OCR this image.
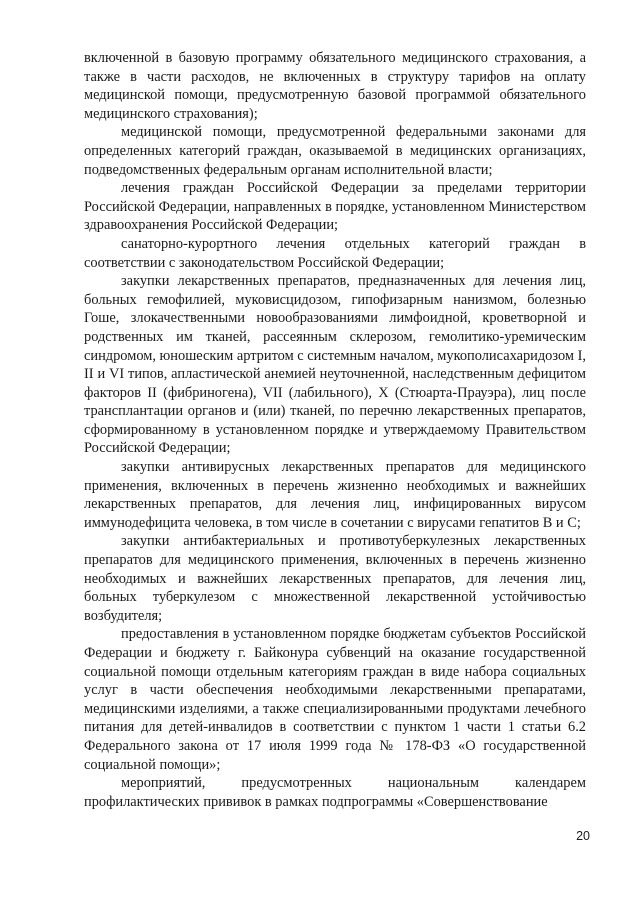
включенной в базовую программу обязательного медицинского страхования, а также в части расходов, не включенных в структуру тарифов на оплату медицинской помощи, предусмотренную базовой программой обязательного медицинского страхования);

медицинской помощи, предусмотренной федеральными законами для определенных категорий граждан, оказываемой в медицинских организациях, подведомственных федеральным органам исполнительной власти;

лечения граждан Российской Федерации за пределами территории Российской Федерации, направленных в порядке, установленном Министерством здравоохранения Российской Федерации;

санаторно-курортного лечения отдельных категорий граждан в соответствии с законодательством Российской Федерации;

закупки лекарственных препаратов, предназначенных для лечения лиц, больных гемофилией, муковисцидозом, гипофизарным нанизмом, болезнью Гоше, злокачественными новообразованиями лимфоидной, кроветворной и родственных им тканей, рассеянным склерозом, гемолитико-уремическим синдромом, юношеским артритом с системным началом, мукополисахаридозом I, II и VI типов, апластической анемией неуточненной, наследственным дефицитом факторов II (фибриногена), VII (лабильного), X (Стюарта-Прауэра), лиц после трансплантации органов и (или) тканей, по перечню лекарственных препаратов, сформированному в установленном порядке и утверждаемому Правительством Российской Федерации;

закупки антивирусных лекарственных препаратов для медицинского применения, включенных в перечень жизненно необходимых и важнейших лекарственных препаратов, для лечения лиц, инфицированных вирусом иммунодефицита человека, в том числе в сочетании с вирусами гепатитов B и C;

закупки антибактериальных и противотуберкулезных лекарственных препаратов для медицинского применения, включенных в перечень жизненно необходимых и важнейших лекарственных препаратов, для лечения лиц, больных туберкулезом с множественной лекарственной устойчивостью возбудителя;

предоставления в установленном порядке бюджетам субъектов Российской Федерации и бюджету г. Байконура субвенций на оказание государственной социальной помощи отдельным категориям граждан в виде набора социальных услуг в части обеспечения необходимыми лекарственными препаратами, медицинскими изделиями, а также специализированными продуктами лечебного питания для детей-инвалидов в соответствии с пунктом 1 части 1 статьи 6.2 Федерального закона от 17 июля 1999 года № 178-ФЗ «О государственной социальной помощи»;

мероприятий, предусмотренных национальным календарем профилактических прививок в рамках подпрограммы «Совершенствование

20
